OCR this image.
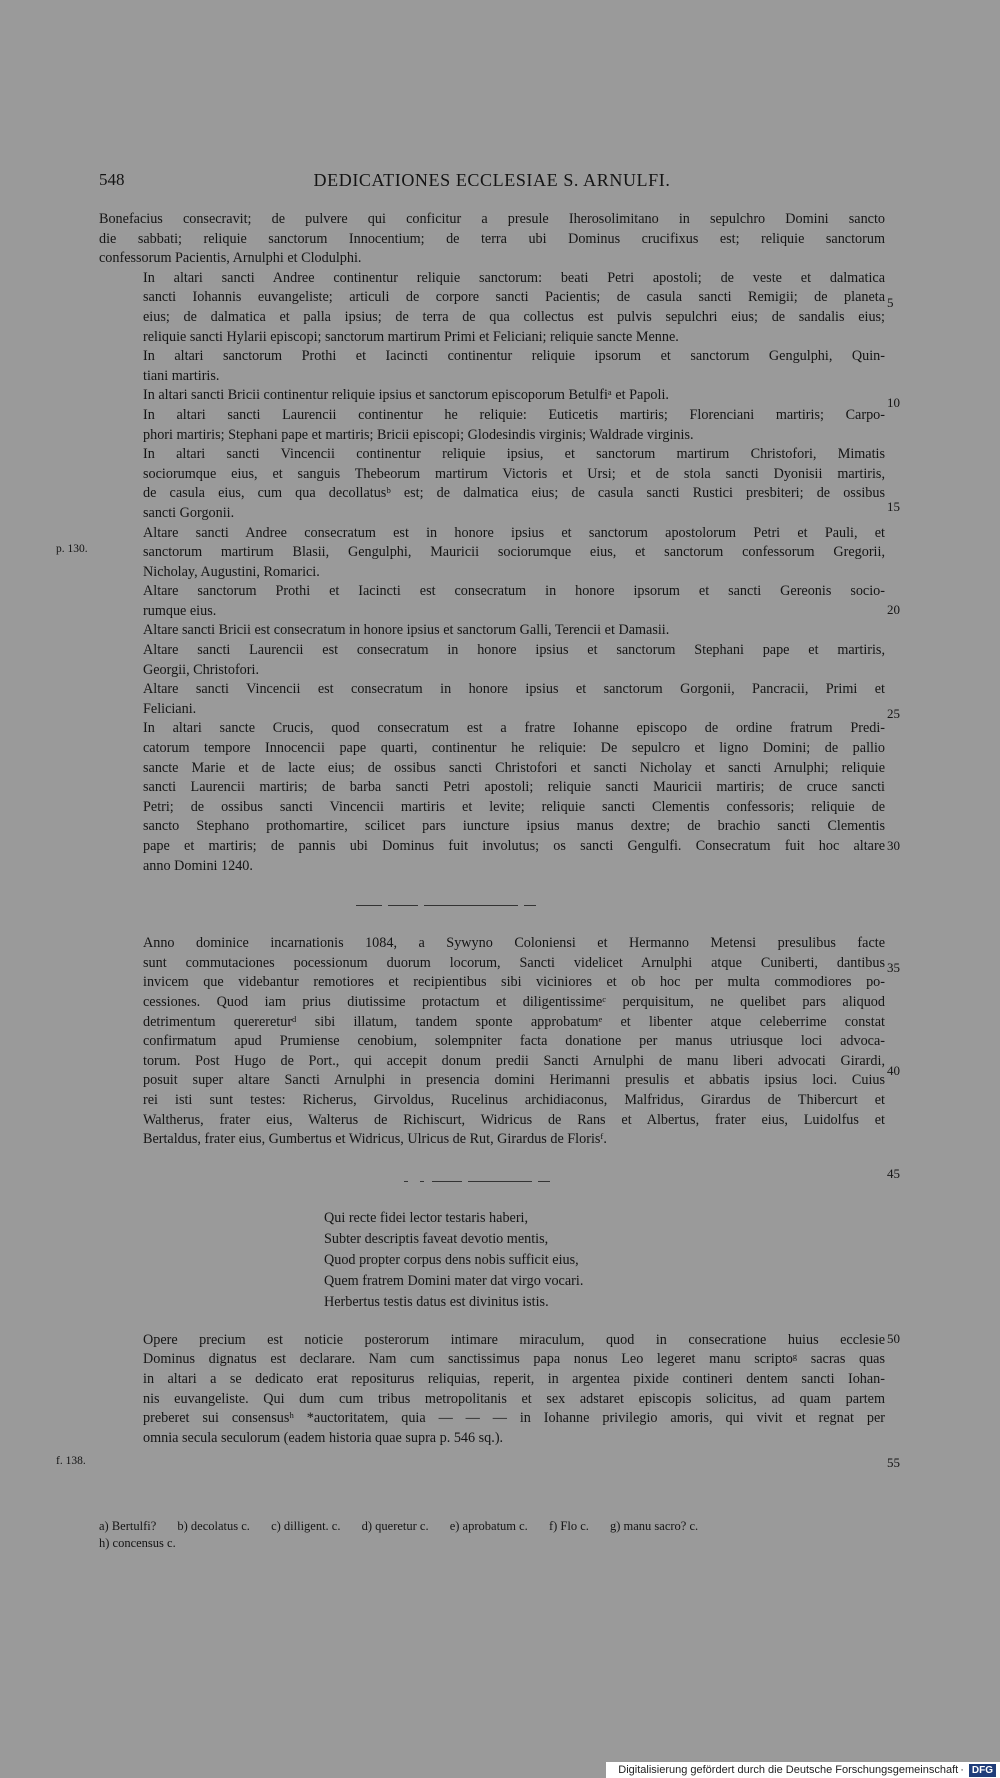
548	DEDICATIONES ECCLESIAE S. ARNULFI.
Bonefacius consecravit; de pulvere qui conficitur a presule Iherosolimitano in sepulchro Domini sancto
die sabbati; reliquie sanctorum Innocentium; de terra ubi Dominus crucifixus est; reliquie sanctorum
confessorum Pacientis, Arnulphi et Clodulphi.
In altari sancti Andree continentur reliquie sanctorum: beati Petri apostoli; de veste et dalmatica
sancti Iohannis euvangeliste; articuli de corpore sancti Pacientis; de casula sancti Remigii; de planeta
eius; de dalmatica et palla ipsius; de terra de qua collectus est pulvis sepulchri eius; de sandalis eius;
reliquie sancti Hylarii episcopi; sanctorum martirum Primi et Feliciani; reliquie sancte Menne.
In altari sanctorum Prothi et Iacincti continentur reliquie ipsorum et sanctorum Gengulphi, Quin-
tiani martiris.
In altari sancti Bricii continentur reliquie ipsius et sanctorum episcoporum Betulfiᵃ et Papoli.
In altari sancti Laurencii continentur he reliquie: Euticetis martiris; Florenciani martiris; Carpo-
phori martiris; Stephani pape et martiris; Bricii episcopi; Glodesindis virginis; Waldrade virginis.
In altari sancti Vincencii continentur reliquie ipsius, et sanctorum martirum Christofori, Mimatis
sociorumque eius, et sanguis Thebeorum martirum Victoris et Ursi; et de stola sancti Dyonisii martiris,
de casula eius, cum qua decollatusᵇ est; de dalmatica eius; de casula sancti Rustici presbiteri; de ossibus
sancti Gorgonii.
Altare sancti Andree consecratum est in honore ipsius et sanctorum apostolorum Petri et Pauli, et
sanctorum martirum Blasii, Gengulphi, Mauricii sociorumque eius, et sanctorum confessorum Gregorii,
Nicholay, Augustini, Romarici.
Altare sanctorum Prothi et Iacincti est consecratum in honore ipsorum et sancti Gereonis socio-
rumque eius.
Altare sancti Bricii est consecratum in honore ipsius et sanctorum Galli, Terencii et Damasii.
Altare sancti Laurencii est consecratum in honore ipsius et sanctorum Stephani pape et martiris,
Georgii, Christofori.
Altare sancti Vincencii est consecratum in honore ipsius et sanctorum Gorgonii, Pancracii, Primi et
Feliciani.
In altari sancte Crucis, quod consecratum est a fratre Iohanne episcopo de ordine fratrum Predi-
catorum tempore Innocencii pape quarti, continentur he reliquie: De sepulcro et ligno Domini; de pallio
sancte Marie et de lacte eius; de ossibus sancti Christofori et sancti Nicholay et sancti Arnulphi; reliquie
sancti Laurencii martiris; de barba sancti Petri apostoli; reliquie sancti Mauricii martiris; de cruce sancti
Petri; de ossibus sancti Vincencii martiris et levite; reliquie sancti Clementis confessoris; reliquie de
sancto Stephano prothomartire, scilicet pars iuncture ipsius manus dextre; de brachio sancti Clementis
pape et martiris; de pannis ubi Dominus fuit involutus; os sancti Gengulfi. Consecratum fuit hoc altare
anno Domini 1240.
Anno dominice incarnationis 1084, a Sywyno Coloniensi et Hermanno Metensi presulibus facte
sunt commutaciones pocessionum duorum locorum, Sancti videlicet Arnulphi atque Cuniberti, dantibus
invicem que videbantur remotiores et recipientibus sibi viciniores et ob hoc per multa commodiores po-
cessiones. Quod iam prius diutissime protactum et diligentissimeᶜ perquisitum, ne quelibet pars aliquod
detrimentum querereturᵈ sibi illatum, tandem sponte approbatumᵉ et libenter atque celeberrime constat
confirmatum apud Prumiense cenobium, solempniter facta donatione per manus utriusque loci advoca-
torum. Post Hugo de Port., qui accepit donum predii Sancti Arnulphi de manu liberi advocati Girardi,
posuit super altare Sancti Arnulphi in presencia domini Herimanni presulis et abbatis ipsius loci. Cuius
rei isti sunt testes: Richerus, Girvoldus, Rucelinus archidiaconus, Malfridus, Girardus de Thibercurt et
Waltherus, frater eius, Walterus de Richiscurt, Widricus de Rans et Albertus, frater eius, Luidolfus et
Bertaldus, frater eius, Gumbertus et Widricus, Ulricus de Rut, Girardus de Florisᶠ.
Qui recte fidei lector testaris haberi,
Subter descriptis faveat devotio mentis,
Quod propter corpus dens nobis sufficit eius,
Quem fratrem Domini mater dat virgo vocari.
Herbertus testis datus est divinitus istis.
Opere precium est noticie posterorum intimare miraculum, quod in consecratione huius ecclesie
Dominus dignatus est declarare. Nam cum sanctissimus papa nonus Leo legeret manu scriptoᵍ sacras quas
in altari a se dedicato erat repositurus reliquias, reperit, in argentea pixide contineri dentem sancti Iohan-
nis euvangeliste. Qui dum cum tribus metropolitanis et sex adstaret episcopis solicitus, ad quam partem
preberet sui consensusʰ *auctoritatem, quia — — — in Iohanne privilegio amoris, qui vivit et regnat per
omnia secula seculorum (eadem historia quae supra p. 546 sq.).
5
10
15
20
25
30
35
40
45
50
55
p. 130.
f. 138.
a) Bertulfi? b) decolatus c. c) dilligent. c. d) queretur c. e) aprobatum c. f) Flo c. g) manu sacro? c.
h) concensus c.
Digitalisierung gefördert durch die Deutsche Forschungsgemeinschaft · DFG
